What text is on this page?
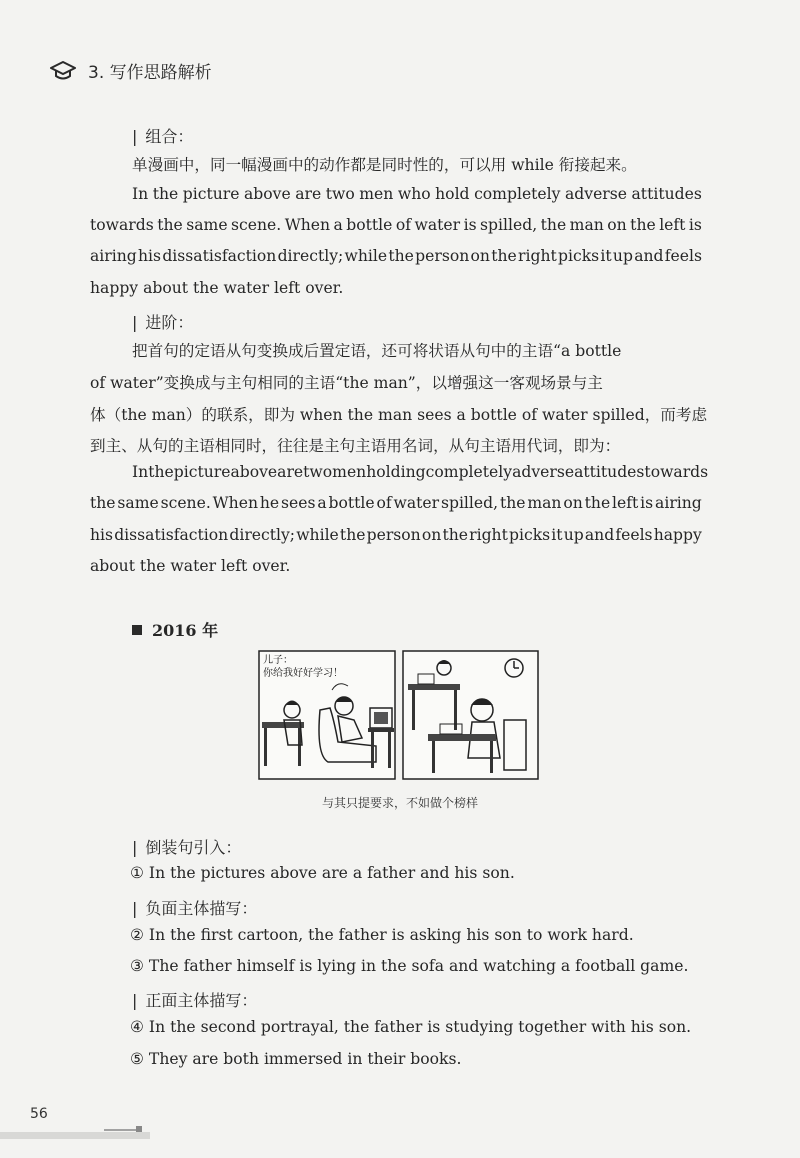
3. 写作思路解析
| 组合：
单漫画中，同一幅漫画中的动作都是同时性的，可以用 while 衔接起来。
In the picture above are two men who hold completely adverse attitudes
towards the same scene. When a bottle of water is spilled, the man on the left is
airing his dissatisfaction directly; while the person on the right picks it up and feels
happy about the water left over.
| 进阶：
把首句的定语从句变换成后置定语，还可将状语从句中的主语“a bottle
of water”变换成与主句相同的主语“the man”，以增强这一客观场景与主
体（the man）的联系，即为 when the man sees a bottle of water spilled，而考虑
到主、从句的主语相同时，往往是主句主语用名词，从句主语用代词，即为：
In the picture above are two men holding completely adverse attitudes towards
the same scene. When he sees a bottle of water spilled, the man on the left is airing
his dissatisfaction directly; while the person on the right picks it up and feels happy
about the water left over.
2016 年
儿子：
你给我好好学习！
与其只提要求，不如做个榜样
| 倒装句引入：
① In the pictures above are a father and his son.
| 负面主体描写：
② In the first cartoon, the father is asking his son to work hard.
③ The father himself is lying in the sofa and watching a football game.
| 正面主体描写：
④ In the second portrayal, the father is studying together with his son.
⑤ They are both immersed in their books.
56
